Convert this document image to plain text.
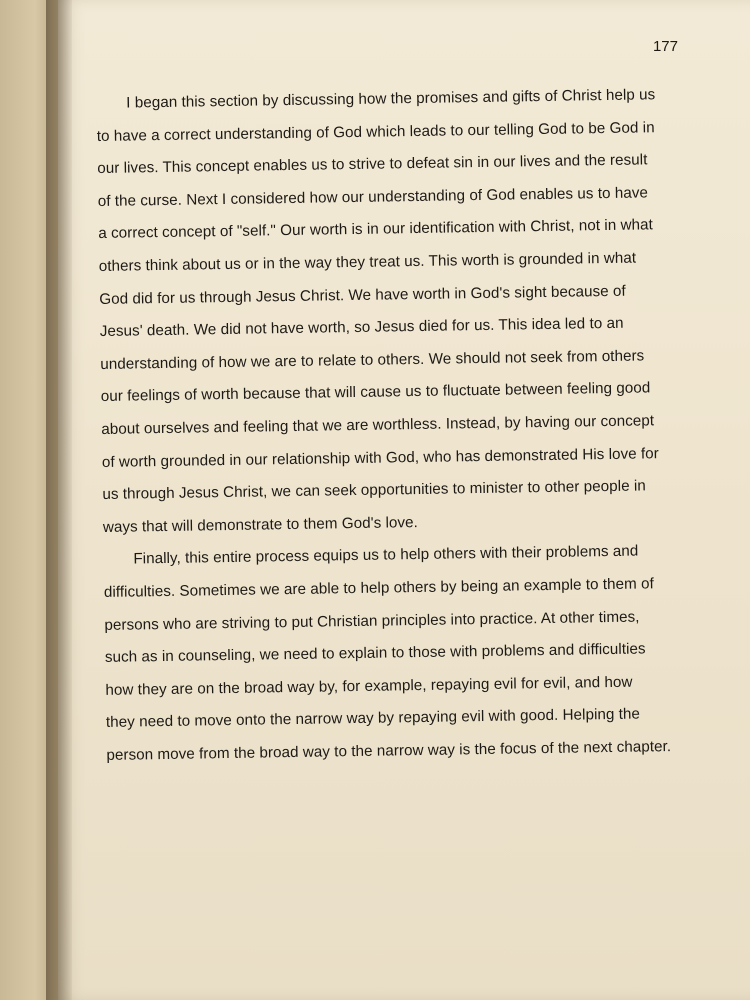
177
I began this section by discussing how the promises and gifts of Christ help us
to have a correct understanding of God which leads to our telling God to be God in
our lives. This concept enables us to strive to defeat sin in our lives and the result
of the curse. Next I considered how our understanding of God enables us to have
a correct concept of "self." Our worth is in our identification with Christ, not in what
others think about us or in the way they treat us. This worth is grounded in what
God did for us through Jesus Christ. We have worth in God's sight because of
Jesus' death. We did not have worth, so Jesus died for us. This idea led to an
understanding of how we are to relate to others. We should not seek from others
our feelings of worth because that will cause us to fluctuate between feeling good
about ourselves and feeling that we are worthless. Instead, by having our concept
of worth grounded in our relationship with God, who has demonstrated His love for
us through Jesus Christ, we can seek opportunities to minister to other people in
ways that will demonstrate to them God's love.
Finally, this entire process equips us to help others with their problems and
difficulties. Sometimes we are able to help others by being an example to them of
persons who are striving to put Christian principles into practice. At other times,
such as in counseling, we need to explain to those with problems and difficulties
how they are on the broad way by, for example, repaying evil for evil, and how
they need to move onto the narrow way by repaying evil with good. Helping the
person move from the broad way to the narrow way is the focus of the next chapter.
